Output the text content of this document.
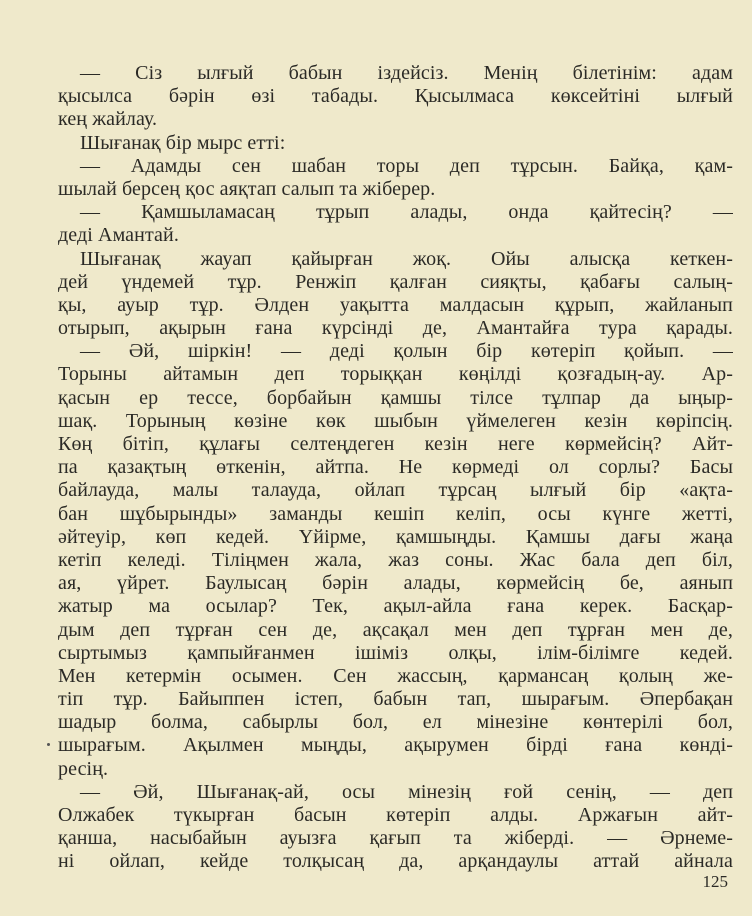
— Сіз ылғый бабын іздейсіз. Менің білетінім: адам
қысылса бәрін өзі табады. Қысылмаса көксейтіні ылғый
кең жайлау.
Шығанақ бір мырс етті:
— Адамды сен шабан торы деп тұрсын. Байқа, қам-
шылай берсең қос аяқтап салып та жіберер.
— Қамшыламасаң тұрып алады, онда қайтесің? —
деді Амантай.
Шығанақ жауап қайырған жоқ. Ойы алысқа кеткен-
дей үндемей тұр. Ренжіп қалған сияқты, қабағы салың-
қы, ауыр тұр. Әлден уақытта малдасын құрып, жайланып
отырып, ақырын ғана күрсінді де, Амантайға тура қарады.
— Әй, шіркін! — деді қолын бір көтеріп қойып. —
Торыны айтамын деп торыққан көңілді қозғадың-ау. Ар-
қасын ер тессе, борбайын қамшы тілсе тұлпар да ыңыр-
шақ. Торының көзіне көк шыбын үймелеген кезін көріпсің.
Көң бітіп, құлағы селтеңдеген кезін неге көрмейсің? Айт-
па қазақтың өткенін, айтпа. Не көрмеді ол сорлы? Басы
байлауда, малы талауда, ойлап тұрсаң ылғый бір «ақта-
бан шұбырынды» заманды кешіп келіп, осы күнге жетті,
әйтеуір, көп кедей. Үйірме, қамшыңды. Қамшы дағы жаңа
кетіп келеді. Тіліңмен жала, жаз соны. Жас бала деп біл,
ая, үйрет. Баулысаң бәрін алады, көрмейсің бе, аянып
жатыр ма осылар? Тек, ақыл-айла ғана керек. Басқар-
дым деп тұрған сен де, ақсақал мен деп тұрған мен де,
сыртымыз қампыйғанмен ішіміз олқы, ілім-білімге кедей.
Мен кетермін осымен. Сен жассың, қармансаң қолың же-
тіп тұр. Байыппен істеп, бабын тап, шырағым. Әпербақан
шадыр болма, сабырлы бол, ел мінезіне көнтерілі бол,
шырағым. Ақылмен мыңды, ақырумен бірді ғана көнді-
ресің.
— Әй, Шығанақ-ай, осы мінезің ғой сенің, — деп
Олжабек түкырған басын көтеріп алды. Аржағын айт-
қанша, насыбайын ауызға қағып та жіберді. — Әрнеме-
ні ойлап, кейде толқысаң да, арқандаулы аттай айнала
125
